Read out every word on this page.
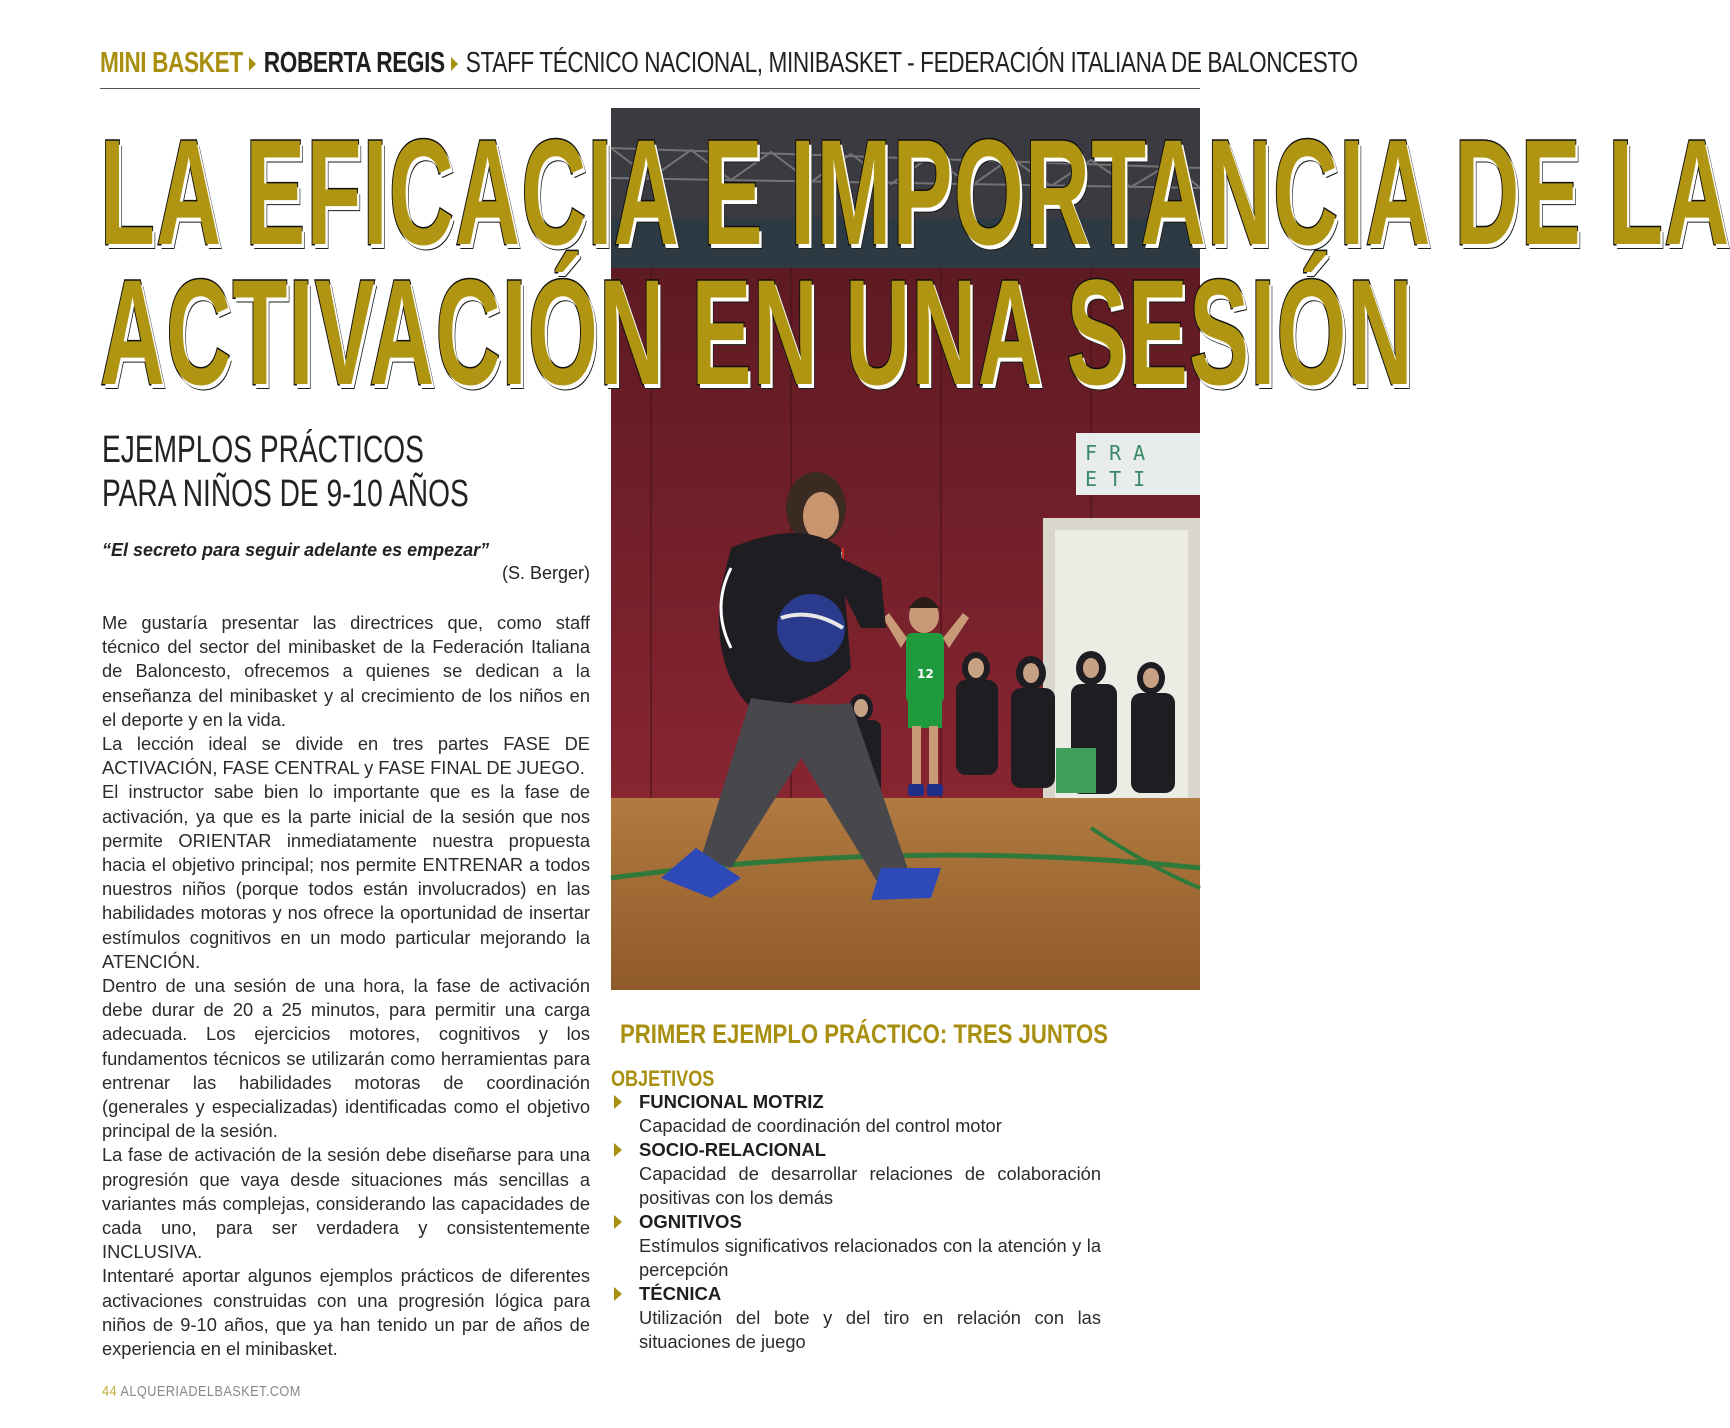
MINI BASKET ROBERTA REGIS STAFF TÉCNICO NACIONAL, MINIBASKET - FEDERACIÓN ITALIANA DE BALONCESTO
F R A
E T I
12
LA EFICACIA E IMPORTANCIA DE LA
ACTIVACIÓN EN UNA SESIÓN
EJEMPLOS PRÁCTICOS
PARA NIÑOS DE 9-10 AÑOS
“El secreto para seguir adelante es empezar”
(S. Berger)

Me gustaría presentar las directrices que, como staff técnico del sector del minibasket de la Federación Italiana de Baloncesto, ofrecemos a quienes se dedican a la enseñanza del minibasket y al crecimiento de los niños en el deporte y en la vida.

La lección ideal se divide en tres partes FASE DE ACTIVACIÓN, FASE CENTRAL y FASE FINAL DE JUEGO.

El instructor sabe bien lo importante que es la fase de activación, ya que es la parte inicial de la sesión que nos permite ORIENTAR inmediatamente nuestra propuesta hacia el objetivo principal; nos permite ENTRENAR a todos nuestros niños (porque todos están involucrados) en las habilidades motoras y nos ofrece la oportunidad de insertar estímulos cognitivos en un modo particular mejorando la ATENCIÓN.

Dentro de una sesión de una hora, la fase de activación debe durar de 20 a 25 minutos, para permitir una carga adecuada. Los ejercicios motores, cognitivos y los fundamentos técnicos se utilizarán como herramientas para entrenar las habilidades motoras de coordinación (generales y especializadas) identificadas como el objetivo principal de la sesión.

La fase de activación de la sesión debe diseñarse para una progresión que vaya desde situaciones más sencillas a variantes más complejas, considerando las capacidades de cada uno, para ser verdadera y consistentemente INCLUSIVA.

Intentaré aportar algunos ejemplos prácticos de diferentes activaciones construidas con una progresión lógica para niños de 9-10 años, que ya han tenido un par de años de experiencia en el minibasket.

PRIMER EJEMPLO PRÁCTICO: TRES JUNTOS
OBJETIVOS
FUNCIONAL MOTRIZ
Capacidad de coordinación del control motor
SOCIO-RELACIONAL
Capacidad de desarrollar relaciones de colaboración positivas con los demás
OGNITIVOS
Estímulos significativos relacionados con la atención y la percepción
TÉCNICA
Utilización del bote y del tiro en relación con las situaciones de juego
44 ALQUERIADELBASKET.COM
